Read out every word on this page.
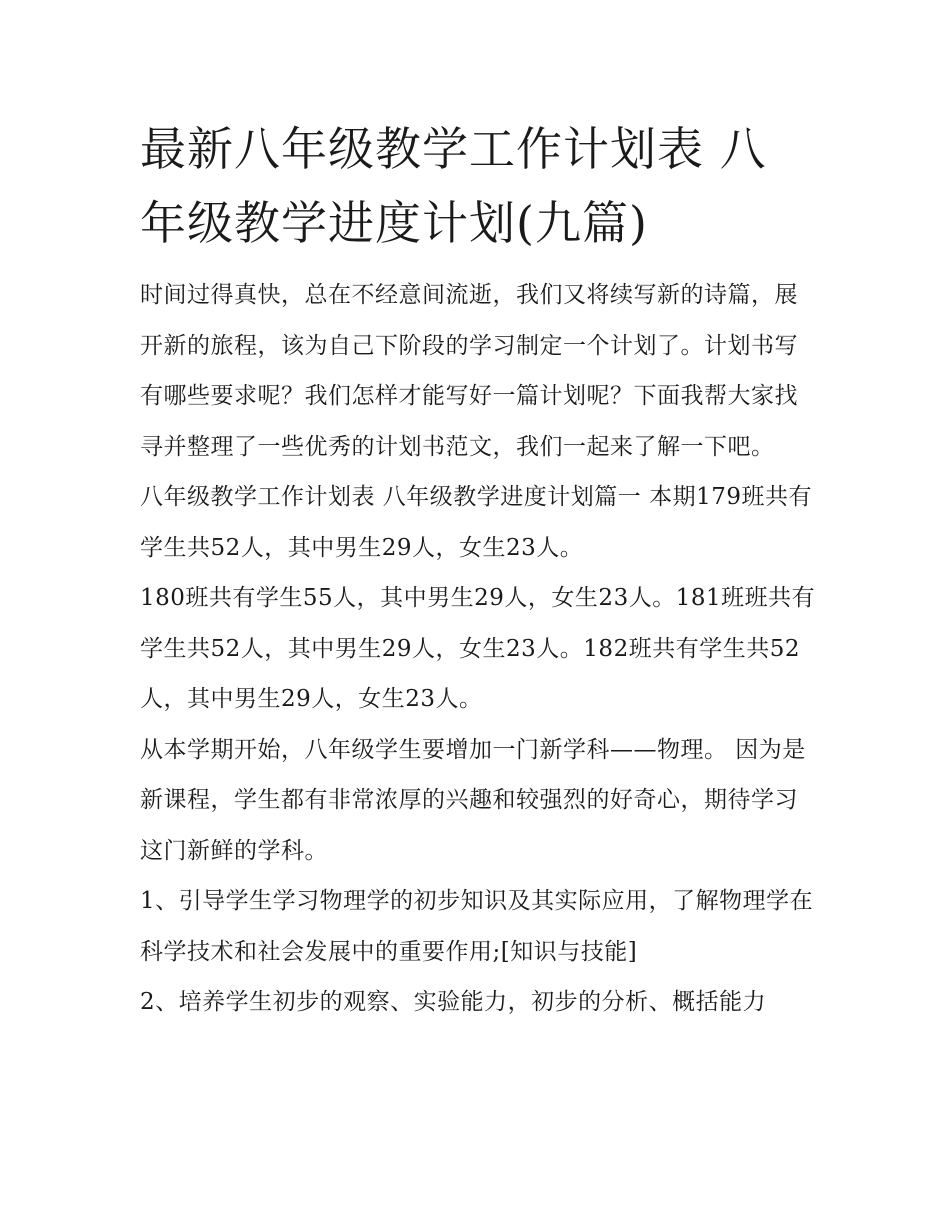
最新八年级教学工作计划表 八
年级教学进度计划(九篇)

时间过得真快，总在不经意间流逝，我们又将续写新的诗篇，展开新的旅程，该为自己下阶段的学习制定一个计划了。计划书写有哪些要求呢？我们怎样才能写好一篇计划呢？下面我帮大家找寻并整理了一些优秀的计划书范文，我们一起来了解一下吧。

八年级教学工作计划表 八年级教学进度计划篇一 本期179班共有学生共52人，其中男生29人，女生23人。

180班共有学生55人，其中男生29人，女生23人。181班班共有学生共52人，其中男生29人，女生23人。182班共有学生共52人，其中男生29人，女生23人。

从本学期开始，八年级学生要增加一门新学科——物理。 因为是新课程，学生都有非常浓厚的兴趣和较强烈的好奇心，期待学习这门新鲜的学科。

1、引导学生学习物理学的初步知识及其实际应用，了解物理学在科学技术和社会发展中的重要作用;[知识与技能]

2、培养学生初步的观察、实验能力，初步的分析、概括能力
